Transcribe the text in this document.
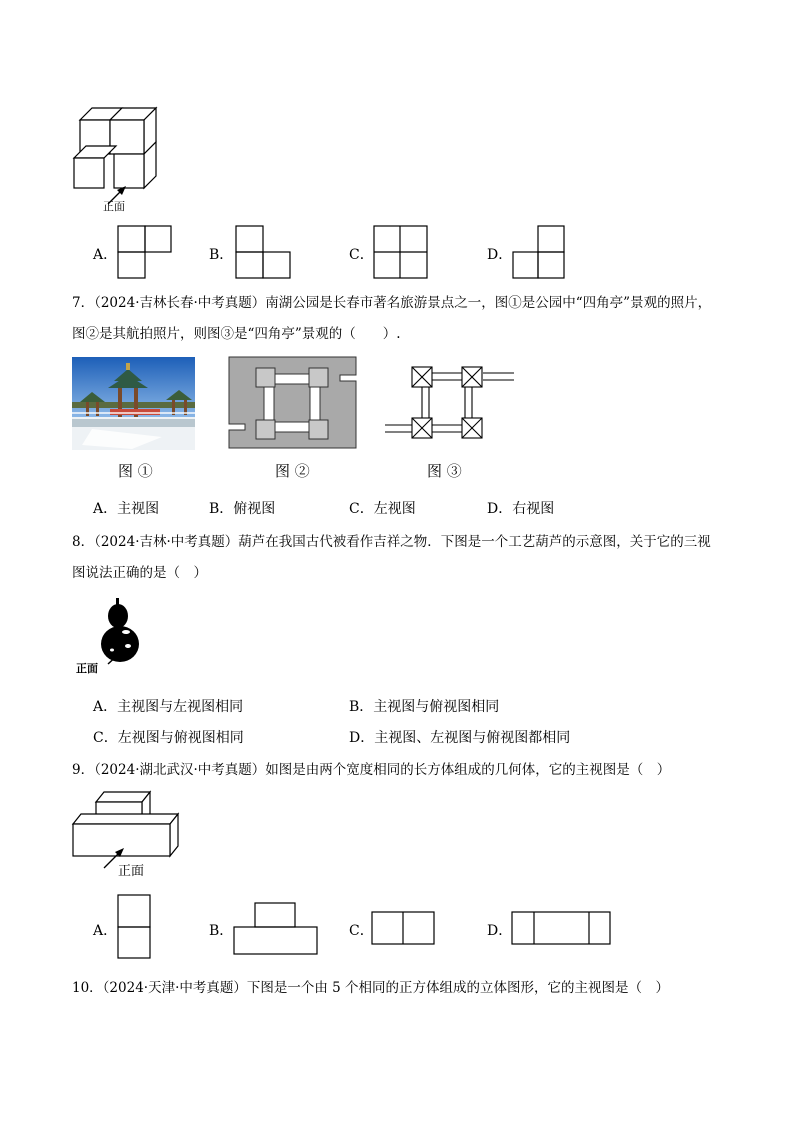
正面
A．	B．	C．	D．
7．（2024·吉林长春·中考真题）南湖公园是长春市著名旅游景点之一，图①是公园中“四角亭”景观的照片，
图②是其航拍照片，则图③是“四角亭”景观的（　　）.
图 ①	图 ②	图 ③
A．主视图	B．俯视图	C．左视图	D．右视图
8．（2024·吉林·中考真题）葫芦在我国古代被看作吉祥之物．下图是一个工艺葫芦的示意图，关于它的三视
图说法正确的是（　）
正面
A．主视图与左视图相同	B．主视图与俯视图相同
C．左视图与俯视图相同	D．主视图、左视图与俯视图都相同
9．（2024·湖北武汉·中考真题）如图是由两个宽度相同的长方体组成的几何体，它的主视图是（　）
正面
A．	B．	C．	D．
10．（2024·天津·中考真题）下图是一个由 5 个相同的正方体组成的立体图形，它的主视图是（　）
